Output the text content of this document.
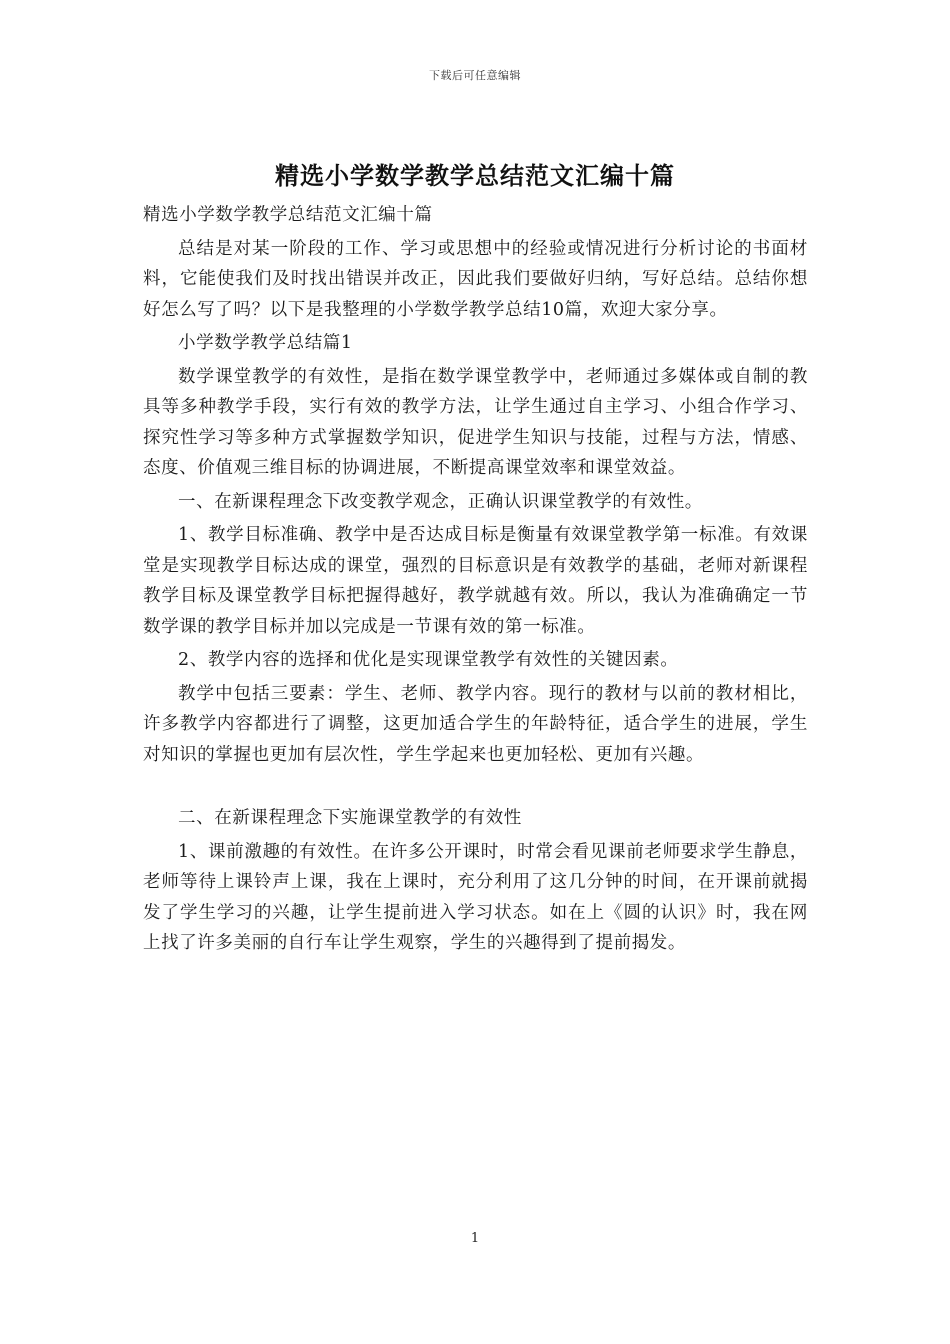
下载后可任意编辑
精选小学数学教学总结范文汇编十篇

精选小学数学教学总结范文汇编十篇

总结是对某一阶段的工作、学习或思想中的经验或情况进行分析讨论的书面材料，它能使我们及时找出错误并改正，因此我们要做好归纳，写好总结。总结你想好怎么写了吗？以下是我整理的小学数学教学总结10篇，欢迎大家分享。

小学数学教学总结篇1

数学课堂教学的有效性，是指在数学课堂教学中，老师通过多媒体或自制的教具等多种教学手段，实行有效的教学方法，让学生通过自主学习、小组合作学习、探究性学习等多种方式掌握数学知识，促进学生知识与技能，过程与方法，情感、态度、价值观三维目标的协调进展，不断提高课堂效率和课堂效益。

一、在新课程理念下改变教学观念，正确认识课堂教学的有效性。

1、教学目标准确、教学中是否达成目标是衡量有效课堂教学第一标准。有效课堂是实现教学目标达成的课堂，强烈的目标意识是有效教学的基础，老师对新课程教学目标及课堂教学目标把握得越好，教学就越有效。所以，我认为准确确定一节数学课的教学目标并加以完成是一节课有效的第一标准。

2、教学内容的选择和优化是实现课堂教学有效性的关键因素。

教学中包括三要素：学生、老师、教学内容。现行的教材与以前的教材相比，许多教学内容都进行了调整，这更加适合学生的年龄特征，适合学生的进展，学生对知识的掌握也更加有层次性，学生学起来也更加轻松、更加有兴趣。

二、在新课程理念下实施课堂教学的有效性

1、课前激趣的有效性。在许多公开课时，时常会看见课前老师要求学生静息，老师等待上课铃声上课，我在上课时，充分利用了这几分钟的时间，在开课前就揭发了学生学习的兴趣，让学生提前进入学习状态。如在上《圆的认识》时，我在网上找了许多美丽的自行车让学生观察，学生的兴趣得到了提前揭发。

1
